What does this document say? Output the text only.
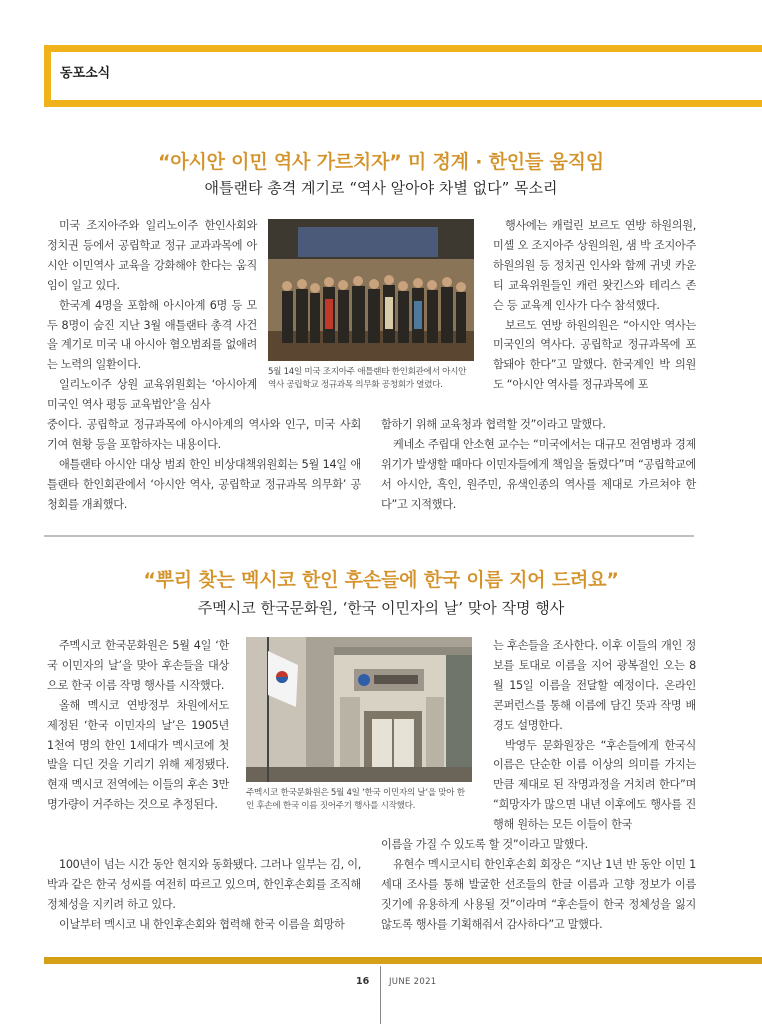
동포소식
“아시안 이민 역사 가르치자” 미 정계 · 한인들 움직임
애틀랜타 총격 계기로 “역사 알아야 차별 없다” 목소리

미국 조지아주와 일리노이주 한인사회와 정치권 등에서 공립학교 정규 교과과목에 아시안 이민역사 교육을 강화해야 한다는 움직임이 일고 있다.

한국계 4명을 포함해 아시아계 6명 등 모두 8명이 숨진 지난 3월 애틀랜타 총격 사건을 계기로 미국 내 아시아 혐오범죄를 없애려는 노력의 일환이다.

일리노이주 상원 교육위원회는 ‘아시아계 미국인 역사 평등 교육법안’을 심사

중이다. 공립학교 정규과목에 아시아계의 역사와 인구, 미국 사회 기여 현황 등을 포함하자는 내용이다.

애틀랜타 아시안 대상 범죄 한인 비상대책위원회는 5월 14일 애틀랜타 한인회관에서 ‘아시안 역사, 공립학교 정규과목 의무화’ 공청회를 개최했다.

5월 14일 미국 조지아주 애틀랜타 한인회관에서 아시안 역사 공립학교 정규과목 의무화 공청회가 열렸다.

행사에는 캐럴린 보르도 연방 하원의원, 미셸 오 조지아주 상원의원, 샘 박 조지아주 하원의원 등 정치권 인사와 함께 귀넷 카운티 교육위원들인 캐런 왓킨스와 테리스 존슨 등 교육계 인사가 다수 참석했다.

보르도 연방 하원의원은 “아시안 역사는 미국인의 역사다. 공립학교 정규과목에 포함돼야 한다”고 말했다. 한국계인 박 의원도 “아시안 역사를 정규과목에 포

함하기 위해 교육청과 협력할 것”이라고 말했다.

케네소 주립대 안소현 교수는 “미국에서는 대규모 전염병과 경제 위기가 발생할 때마다 이민자들에게 책임을 돌렸다”며 “공립학교에서 아시안, 흑인, 원주민, 유색인종의 역사를 제대로 가르쳐야 한다”고 지적했다.

“뿌리 찾는 멕시코 한인 후손들에 한국 이름 지어 드려요”
주멕시코 한국문화원, ‘한국 이민자의 날’ 맞아 작명 행사

주멕시코 한국문화원은 5월 4일 ‘한국 이민자의 날’을 맞아 후손들을 대상으로 한국 이름 작명 행사를 시작했다.

올해 멕시코 연방정부 차원에서도 제정된 ‘한국 이민자의 날’은 1905년 1천여 명의 한인 1세대가 멕시코에 첫발을 디딘 것을 기리기 위해 제정됐다. 현재 멕시코 전역에는 이들의 후손 3만 명가량이 거주하는 것으로 추정된다.

100년이 넘는 시간 동안 현지와 동화됐다. 그러나 일부는 김, 이, 박과 같은 한국 성씨를 여전히 따르고 있으며, 한인후손회를 조직해 정체성을 지키려 하고 있다.

이날부터 멕시코 내 한인후손회와 협력해 한국 이름을 희망하

주멕시코 한국문화원은 5월 4일 ‘한국 이민자의 날’을 맞아 한인 후손에 한국 이름 짓어주기 행사를 시작했다.

는 후손들을 조사한다. 이후 이들의 개인 정보를 토대로 이름을 지어 광복절인 오는 8월 15일 이름을 전달할 예정이다. 온라인 콘퍼런스를 통해 이름에 담긴 뜻과 작명 배경도 설명한다.

박영두 문화원장은 “후손들에게 한국식 이름은 단순한 이름 이상의 의미를 가지는 만큼 제대로 된 작명과정을 거치려 한다”며 “희망자가 많으면 내년 이후에도 행사를 진행해 원하는 모든 이들이 한국

이름을 가질 수 있도록 할 것”이라고 말했다.

유현수 멕시코시티 한인후손회 회장은 “지난 1년 반 동안 이민 1세대 조사를 통해 발굴한 선조들의 한글 이름과 고향 정보가 이름 짓기에 유용하게 사용될 것”이라며 “후손들이 한국 정체성을 잃지 않도록 행사를 기획해줘서 감사하다”고 말했다.

16 JUNE 2021
